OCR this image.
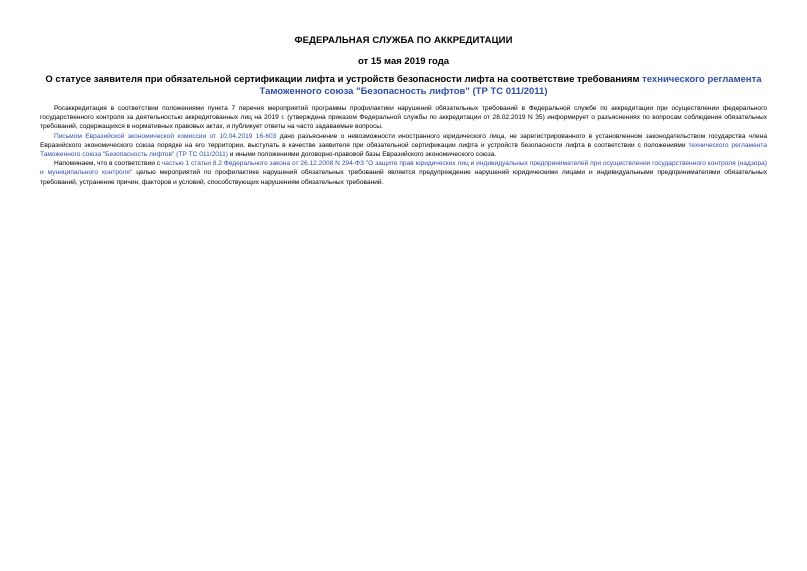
ФЕДЕРАЛЬНАЯ СЛУЖБА ПО АККРЕДИТАЦИИ
от 15 мая 2019 года
О статусе заявителя при обязательной сертификации лифта и устройств безопасности лифта на соответствие требованиям технического регламента Таможенного союза "Безопасность лифтов" (ТР ТС 011/2011)

Росаккредитация в соответствии положениями пункта 7 перечня мероприятий программы профилактики нарушений обязательных требований в Федеральной службе по аккредитации при осуществлении федерального государственного контроля за деятельностью аккредитованных лиц на 2019 г. (утверждена приказом Федеральной службы по аккредитации от 28.02.2019 N 35) информирует о разъяснениях по вопросам соблюдения обязательных требований, содержащихся в нормативных правовых актах, и публикует ответы на часто задаваемые вопросы.

Письмом Евразийской экономической комиссии от 10.04.2019 16-603 дано разъяснение о невозможности иностранного юридического лица, не зарегистрированного в установленном законодательством государства члена Евразийского экономического союза порядке на его территории, выступать в качестве заявителя при обязательной сертификации лифта и устройств безопасности лифта в соответствии с положениями технического регламента Таможенного союза "Безопасность лифтов" (ТР ТС 011/2011) и иными положениями договорно-правовой базы Евразийского экономического союза.

Напоминаем, что в соответствии с частью 1 статьи 8.2 Федерального закона от 26.12.2008 N 294-ФЗ "О защите прав юридических лиц и индивидуальных предпринимателей при осуществлении государственного контроля (надзора) и муниципального контроля" целью мероприятий по профилактике нарушений обязательных требований является предупреждение нарушений юридическими лицами и индивидуальными предпринимателями обязательных требований, устранение причин, факторов и условий, способствующих нарушениям обязательных требований.
